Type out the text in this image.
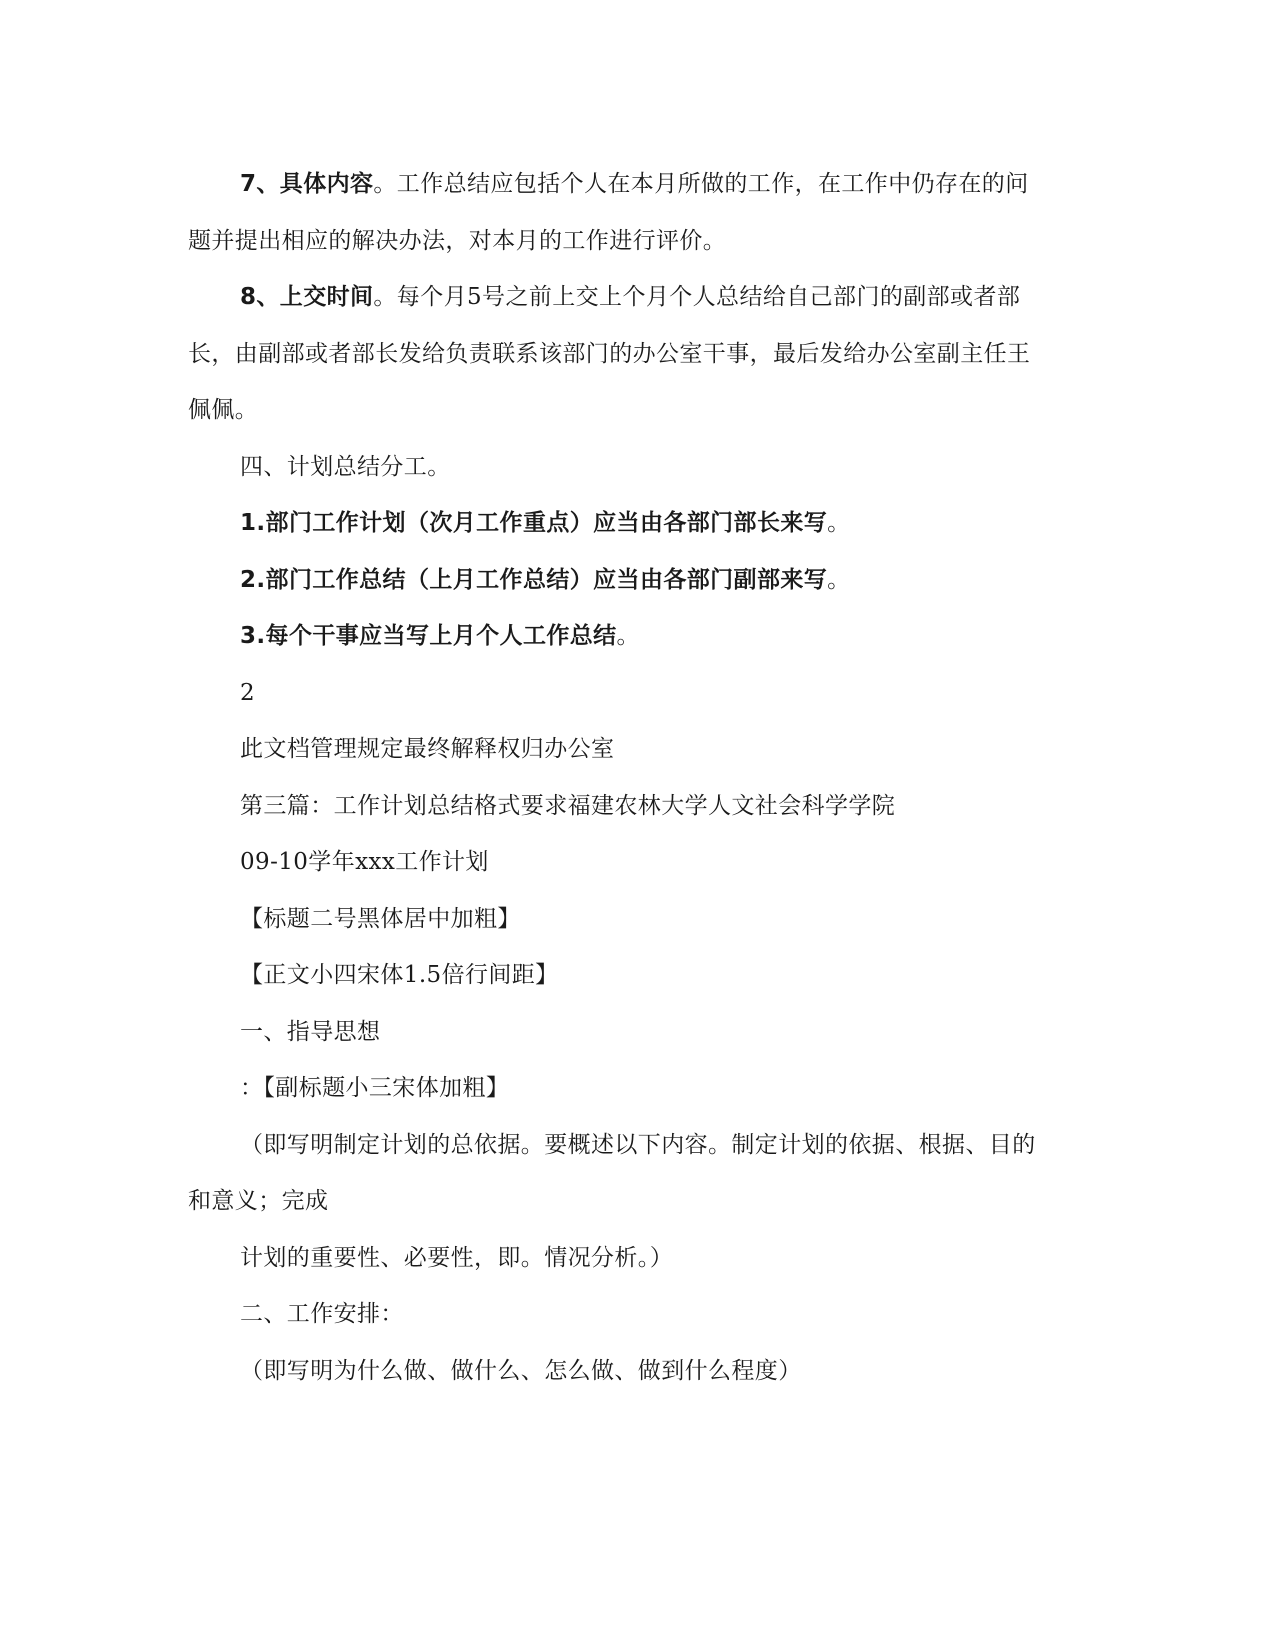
7、具体内容。工作总结应包括个人在本月所做的工作，在工作中仍存在的问
题并提出相应的解决办法，对本月的工作进行评价。
8、上交时间。每个月5号之前上交上个月个人总结给自己部门的副部或者部
长，由副部或者部长发给负责联系该部门的办公室干事，最后发给办公室副主任王
佩佩。
四、计划总结分工。
1.部门工作计划（次月工作重点）应当由各部门部长来写。
2.部门工作总结（上月工作总结）应当由各部门副部来写。
3.每个干事应当写上月个人工作总结。
2
此文档管理规定最终解释权归办公室
第三篇：工作计划总结格式要求福建农林大学人文社会科学学院
09-10学年xxx工作计划
【标题二号黑体居中加粗】
【正文小四宋体1.5倍行间距】
一、指导思想
：【副标题小三宋体加粗】
（即写明制定计划的总依据。要概述以下内容。制定计划的依据、根据、目的
和意义；完成
计划的重要性、必要性，即。情况分析。）
二、工作安排：
（即写明为什么做、做什么、怎么做、做到什么程度）
